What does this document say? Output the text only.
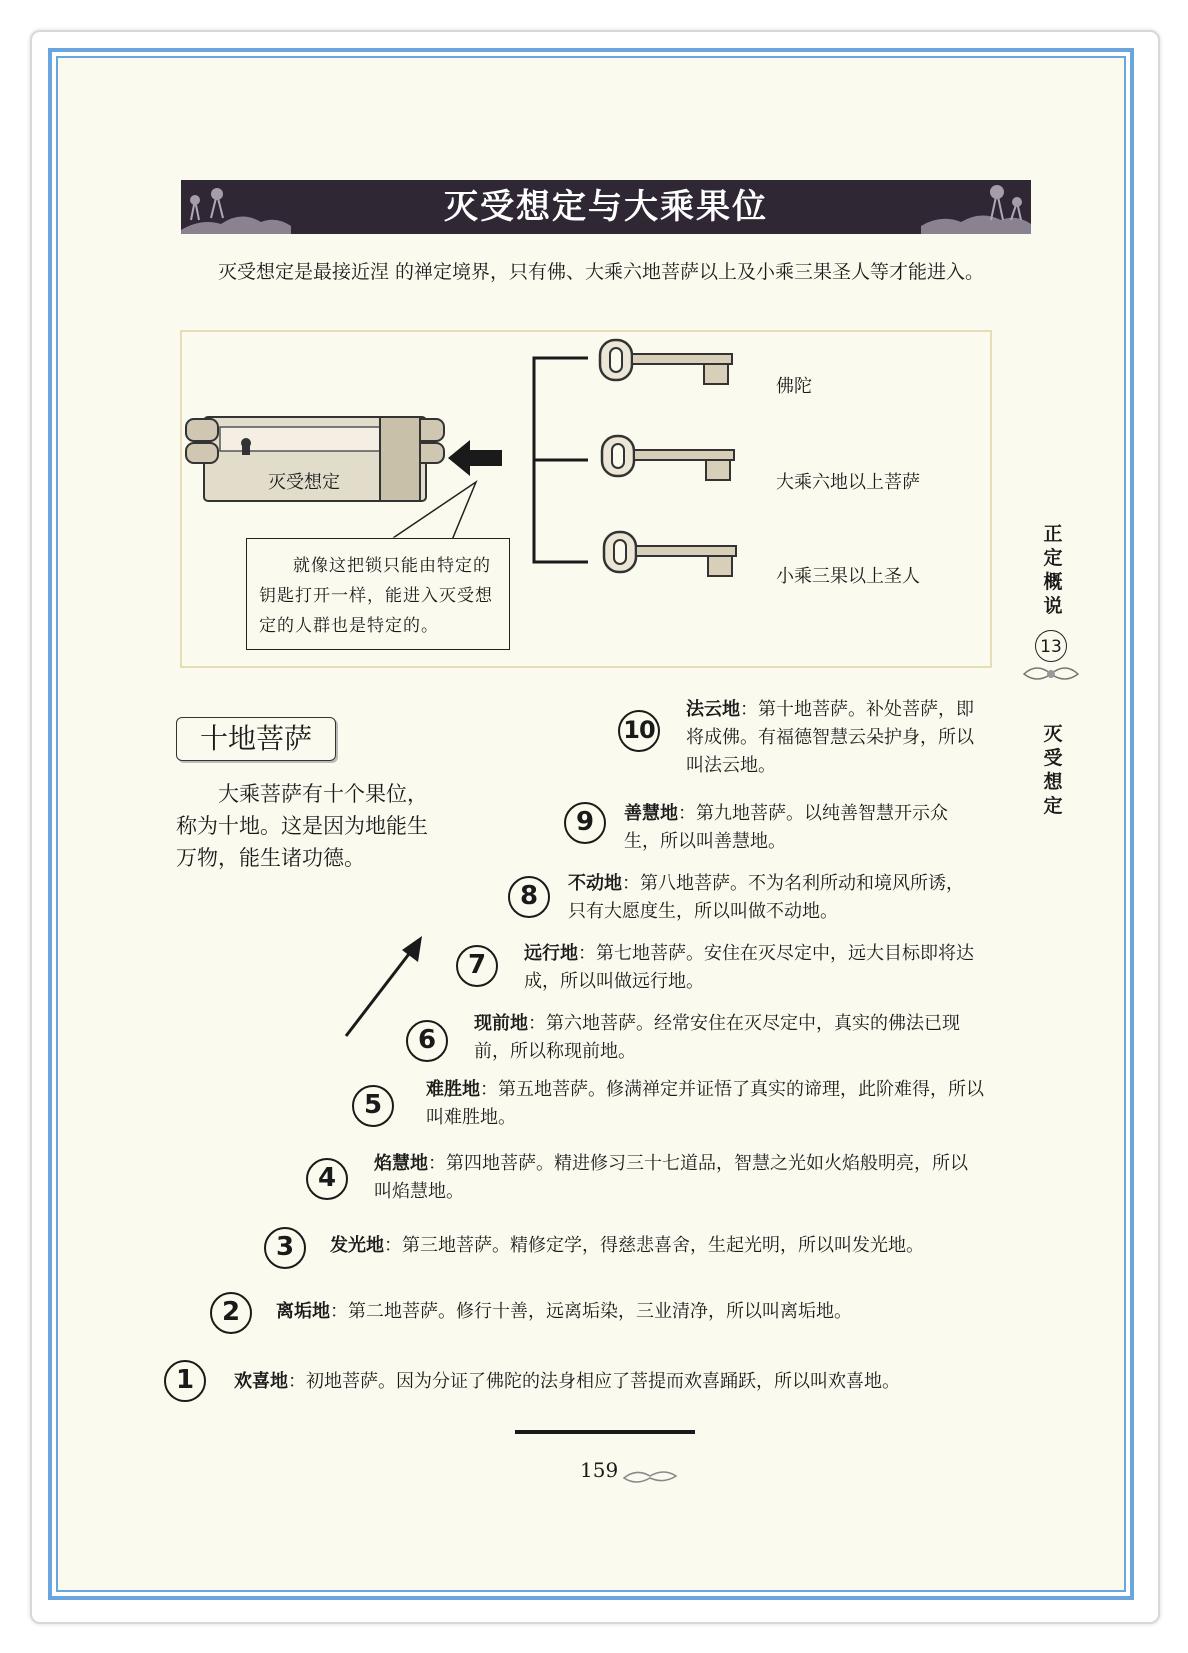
灭受想定与大乘果位
灭受想定是最接近涅 的禅定境界，只有佛、大乘六地菩萨以上及小乘三果圣人等才能进入。
灭受想定

就像这把锁只能由特定的钥匙打开一样，能进入灭受想定的人群也是特定的。

佛陀
大乘六地以上菩萨
小乘三果以上圣人
正
定
概
说
13
灭
受
想
定
十地菩萨
大乘菩萨有十个果位，称为十地。这是因为地能生万物，能生诸功德。
10
法云地：第十地菩萨。补处菩萨，即将成佛。有福德智慧云朵护身，所以叫法云地。
9	善慧地：第九地菩萨。以纯善智慧开示众生，所以叫善慧地。
8	不动地：第八地菩萨。不为名利所动和境风所诱，只有大愿度生，所以叫做不动地。
7	远行地：第七地菩萨。安住在灭尽定中，远大目标即将达成，所以叫做远行地。
6
现前地：第六地菩萨。经常安住在灭尽定中，真实的佛法已现前，所以称现前地。
5
难胜地：第五地菩萨。修满禅定并证悟了真实的谛理，此阶难得，所以叫难胜地。
4	焰慧地：第四地菩萨。精进修习三十七道品，智慧之光如火焰般明亮，所以叫焰慧地。
3	发光地：第三地菩萨。精修定学，得慈悲喜舍，生起光明，所以叫发光地。
2	离垢地：第二地菩萨。修行十善，远离垢染，三业清净，所以叫离垢地。
1	欢喜地：初地菩萨。因为分证了佛陀的法身相应了菩提而欢喜踊跃，所以叫欢喜地。
159
